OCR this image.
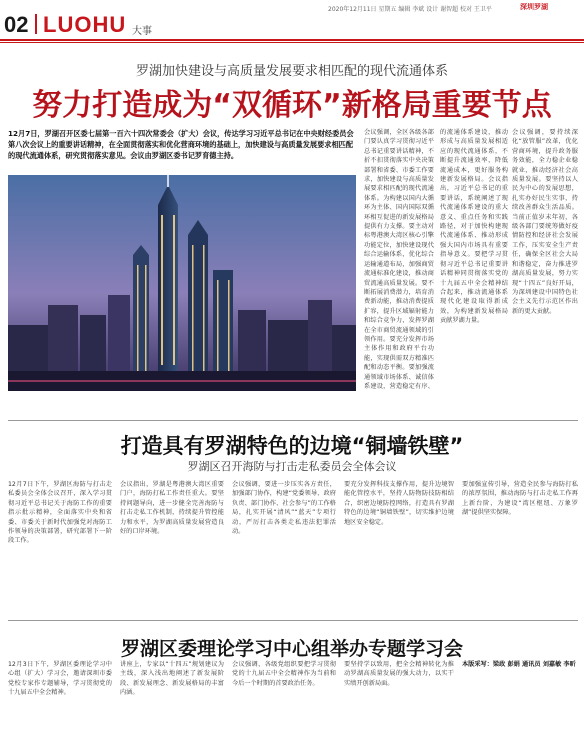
02 LUOHU 大事
2020年12月11日 星期五 编辑 李斌 设计 谢智超 校对 王卫平	深圳罗湖
罗湖加快建设与高质量发展要求相匹配的现代流通体系
努力打造成为“双循环”新格局重要节点
12月7日，罗湖召开区委七届第一百六十四次常委会（扩大）会议，传达学习习近平总书记在中央财经委员会第八次会议上的重要讲话精神，在全面贯彻落实和优化营商环境的基础上，加快建设与高质量发展要求相匹配的现代流通体系，研究贯彻落实意见。会议由罗湖区委书记罗育德主持。
会议强调，全区各级各部门要认真学习贯彻习近平总书记重要讲话精神，不折不扣贯彻落实中央决策部署和省委、市委工作要求，加快建设与高质量发展要求相匹配的现代流通体系。为构建以国内大循环为主体、国内国际双循环相互促进的新发展格局提供有力支撑。要主动对标粤港澳大湾区核心引擎功能定位，加快建设现代综合运输体系，优化综合运输通道布局，加强商贸流通标准化建设，推动商贸流通高质量发展。要不断拓展消费潜力，培育消费新动能，推动消费提质扩容，提升区域辐射能力和综合竞争力，发挥罗湖在全市商贸流通领域的引领作用。要充分发挥市场主体作用和政府平台功能，实现供需双方精准匹配和动态平衡。要加强流通领域市场体系、诚信体系建设，营造稳定有序、
的流通体系建设，推动形成与高质量发展相适应的现代流通体系，不断提升流通效率，降低流通成本，更好服务构建新发展格局。会议指出，习近平总书记的重要讲话，系统阐述了现代流通体系建设的重大意义、重点任务和实践路径，对于加快构建现代流通体系、推动形成强大国内市场具有重要指导意义。要把学习贯彻习近平总书记重要讲话精神同贯彻落实党的十九届五中全会精神结合起来，推动流通体系现代化建设取得新成效，为构建新发展格局贡献罗湖力量。
会议强调，要持续深化“放管服”改革，优化营商环境，提升政务服务效能，全力稳企业稳就业，推动经济社会高质量发展。要坚持以人民为中心的发展思想，扎实办好民生实事，持续改善群众生活品质。当前正值岁末年初，各级各部门要统筹做好疫情防控和经济社会发展工作，压实安全生产责任，确保全区社会大局和谐稳定，奋力推进罗湖高质量发展，努力实现“十四五”良好开局，为深圳建设中国特色社会主义先行示范区作出新的更大贡献。
打造具有罗湖特色的边境“铜墙铁壁”
罗湖区召开海防与打击走私委员会全体会议
12月7日下午，罗湖区海防与打击走私委员会全体会议召开，深入学习贯彻习近平总书记关于海防工作的重要指示批示精神，全面落实中央和省委、市委关于新时代加强党对海防工作领导的决策部署，研究部署下一阶段工作。
会议指出，罗湖是粤港澳大湾区重要门户，海防打私工作责任重大。要坚持问题导向，进一步健全完善海防与打击走私工作机制，持续提升管控能力和水平，为罗湖高质量发展营造良好的口岸环境。
会议强调，要进一步压实各方责任，加强部门协作，构建“党委领导、政府负责、部门协作、社会参与”的工作格局，扎实开展“清风”“蓝天”专项行动，严厉打击各类走私违法犯罪活动。
要充分发挥科技支撑作用，提升边境智能化管控水平，坚持人防物防技防相结合，织密边境防控网络，打造具有罗湖特色的边境“铜墙铁壁”，切实维护边境地区安全稳定。
要加强宣传引导，营造全民参与海防打私的浓厚氛围，推动海防与打击走私工作再上新台阶，为建设“湾区枢纽、万象罗湖”提供坚实保障。
罗湖区委理论学习中心组举办专题学习会
12月3日下午，罗湖区委理论学习中心组（扩大）学习会，邀请深圳市委党校专家作专题辅导，学习贯彻党的十九届五中全会精神。
讲座上，专家以“十四五”规划建议为主线，深入浅出地阐述了新发展阶段、新发展理念、新发展格局的丰富内涵。
会议强调，各级党组织要把学习贯彻党的十九届五中全会精神作为当前和今后一个时期的首要政治任务。
要坚持学以致用，把全会精神转化为推动罗湖高质量发展的强大动力，以实干实绩开创新局面。
本版采写：梁政 彭娟 通讯员 刘嘉敏 李昕
